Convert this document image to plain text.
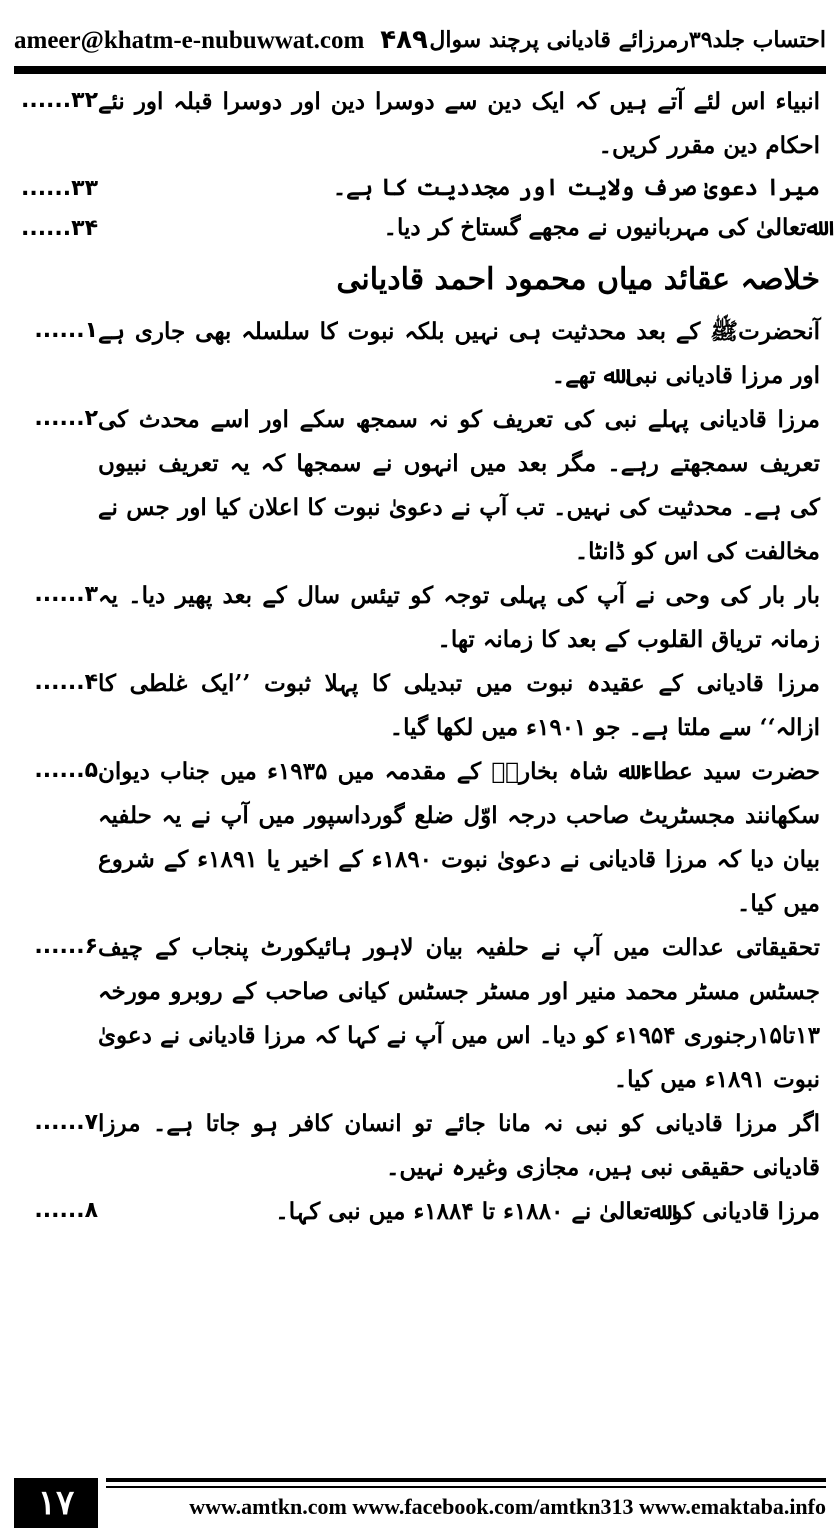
ameer@khatm-e-nubuwwat.com ۴۸۹ احتساب جلد۳۹رمرزائے قادیانی پرچند سوال
انبیاء اس لئے آتے ہیں کہ ایک دین سے دوسرا دین اور دوسرا قبلہ اور نئے احکام دین مقرر کریں۔
۳۲......
میرا دعویٰ صرف ولایت اور مجددیت کا ہے۔
۳۳......
ﷲتعالیٰ کی مہربانیوں نے مجھے گستاخ کر دیا۔
۳۴......
خلاصہ عقائد میاں محمود احمد قادیانی
آنحضرتﷺ کے بعد محدثیت ہی نہیں بلکہ نبوت کا سلسلہ بھی جاری ہے اور مرزا قادیانی نبی ﷲ تھے۔
۱......
مرزا قادیانی پہلے نبی کی تعریف کو نہ سمجھ سکے اور اسے محدث کی تعریف سمجھتے رہے۔ مگر بعد میں انہوں نے سمجھا کہ یہ تعریف نبیوں کی ہے۔ محدثیت کی نہیں۔ تب آپ نے دعویٰ نبوت کا اعلان کیا اور جس نے مخالفت کی اس کو ڈانٹا۔
۲......
بار بار کی وحی نے آپ کی پہلی توجہ کو تیئس سال کے بعد پھیر دیا۔ یہ زمانہ تریاق القلوب کے بعد کا زمانہ تھا۔
۳......
مرزا قادیانی کے عقیدہ نبوت میں تبدیلی کا پہلا ثبوت ’’ایک غلطی کا ازالہ‘‘ سے ملتا ہے۔ جو ۱۹۰۱ء میں لکھا گیا۔
۴......
حضرت سید عطاء ﷲ شاہ بخاریؒ کے مقدمہ میں ۱۹۳۵ء میں جناب دیوان سکھانند مجسٹریٹ صاحب درجہ اوّل ضلع گورداسپور میں آپ نے یہ حلفیہ بیان دیا کہ مرزا قادیانی نے دعویٰ نبوت ۱۸۹۰ء کے اخیر یا ۱۸۹۱ء کے شروع میں کیا۔
۵......
تحقیقاتی عدالت میں آپ نے حلفیہ بیان لاہور ہائیکورٹ پنجاب کے چیف جسٹس مسٹر محمد منیر اور مسٹر جسٹس کیانی صاحب کے روبرو مورخہ ۱۳تا۱۵رجنوری ۱۹۵۴ء کو دیا۔ اس میں آپ نے کہا کہ مرزا قادیانی نے دعویٰ نبوت ۱۸۹۱ء میں کیا۔
۶......
اگر مرزا قادیانی کو نبی نہ مانا جائے تو انسان کافر ہو جاتا ہے۔ مرزا قادیانی حقیقی نبی ہیں، مجازی وغیرہ نہیں۔
۷......
مرزا قادیانی کو ﷲتعالیٰ نے ۱۸۸۰ء تا ۱۸۸۴ء میں نبی کہا۔
۸......
۱۷	www.amtkn.com www.facebook.com/amtkn313 www.emaktaba.info
